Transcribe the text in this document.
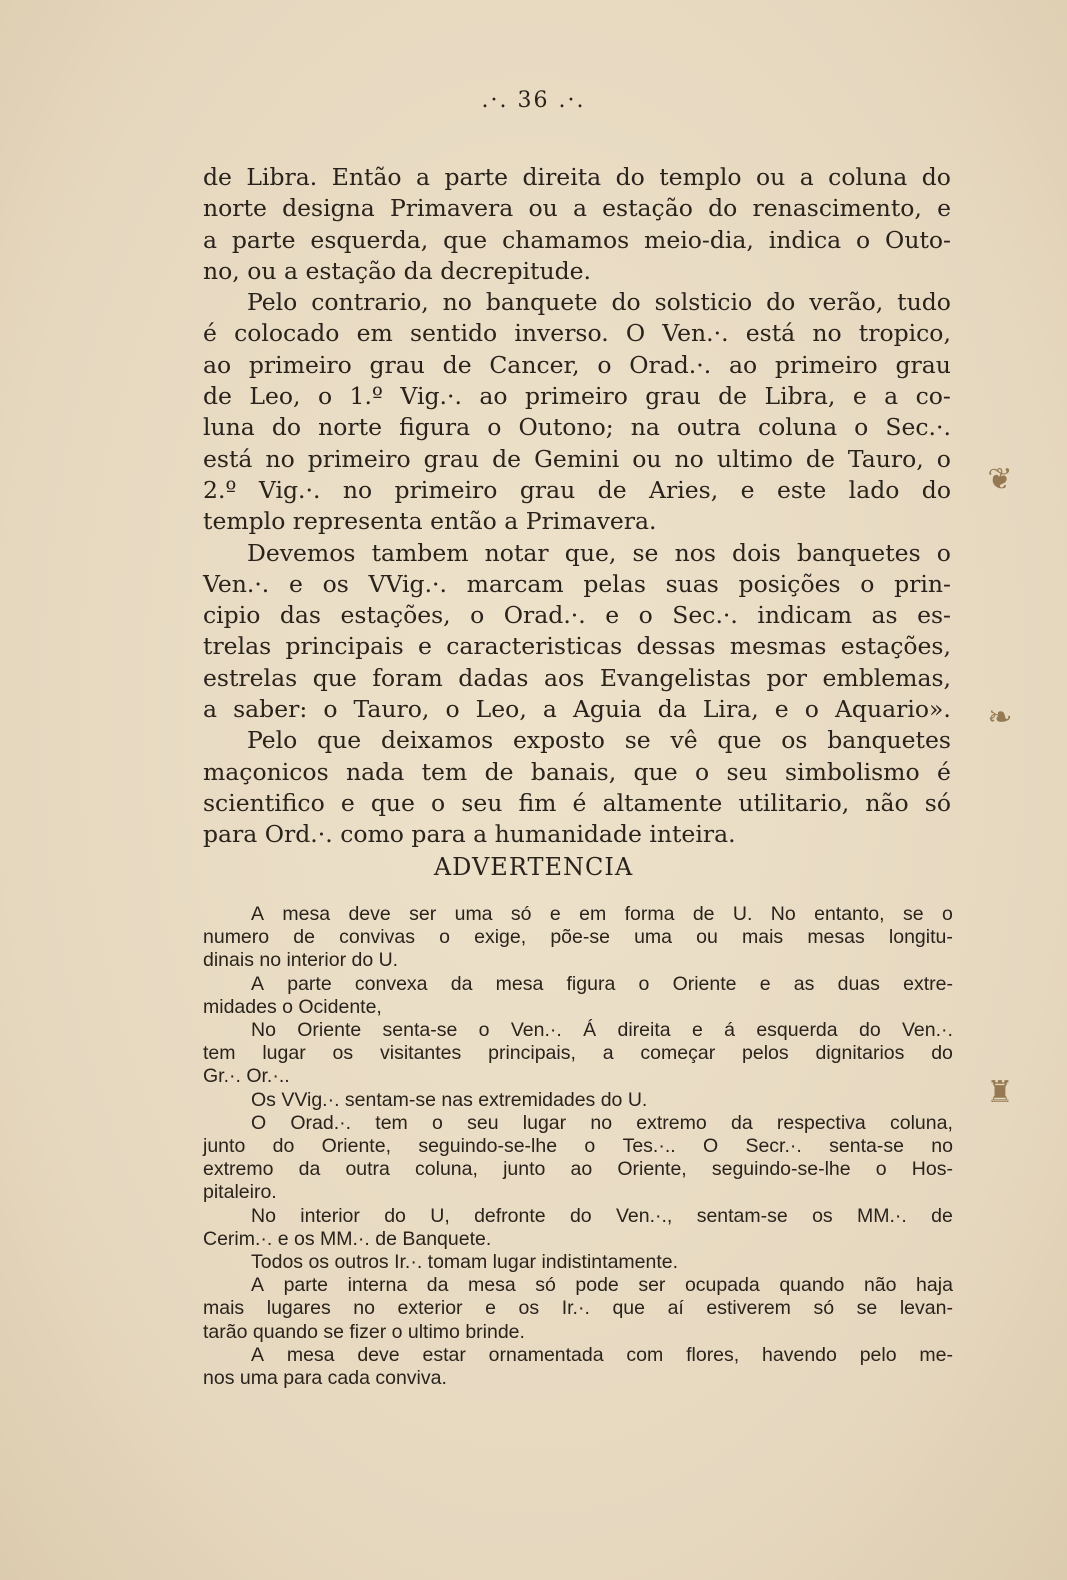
.·. 36 .·.
de Libra. Então a parte direita do templo ou a coluna do
norte designa Primavera ou a estação do renascimento, e
a parte esquerda, que chamamos meio-dia, indica o Outo-
no, ou a estação da decrepitude.
Pelo contrario, no banquete do solsticio do verão, tudo
é colocado em sentido inverso. O Ven.·. está no tropico,
ao primeiro grau de Cancer, o Orad.·. ao primeiro grau
de Leo, o 1.º Vig.·. ao primeiro grau de Libra, e a co-
luna do norte figura o Outono; na outra coluna o Sec.·.
está no primeiro grau de Gemini ou no ultimo de Tauro, o
2.º Vig.·. no primeiro grau de Aries, e este lado do
templo representa então a Primavera.
Devemos tambem notar que, se nos dois banquetes o
Ven.·. e os VVig.·. marcam pelas suas posições o prin-
cipio das estações, o Orad.·. e o Sec.·. indicam as es-
trelas principais e caracteristicas dessas mesmas estações,
estrelas que foram dadas aos Evangelistas por emblemas,
a saber: o Tauro, o Leo, a Aguia da Lira, e o Aquario».
Pelo que deixamos exposto se vê que os banquetes
maçonicos nada tem de banais, que o seu simbolismo é
scientifico e que o seu fim é altamente utilitario, não só
para Ord.·. como para a humanidade inteira.
ADVERTENCIA
A mesa deve ser uma só e em forma de U. No entanto, se o
numero de convivas o exige, põe-se uma ou mais mesas longitu-
dinais no interior do U.
A parte convexa da mesa figura o Oriente e as duas extre-
midades o Ocidente,
No Oriente senta-se o Ven.·. Á direita e á esquerda do Ven.·.
tem lugar os visitantes principais, a começar pelos dignitarios do
Gr.·. Or.·..
Os VVig.·. sentam-se nas extremidades do U.
O Orad.·. tem o seu lugar no extremo da respectiva coluna,
junto do Oriente, seguindo-se-lhe o Tes.·.. O Secr.·. senta-se no
extremo da outra coluna, junto ao Oriente, seguindo-se-lhe o Hos-
pitaleiro.
No interior do U, defronte do Ven.·., sentam-se os MM.·. de
Cerim.·. e os MM.·. de Banquete.
Todos os outros Ir.·. tomam lugar indistintamente.
A parte interna da mesa só pode ser ocupada quando não haja
mais lugares no exterior e os Ir.·. que aí estiverem só se levan-
tarão quando se fizer o ultimo brinde.
A mesa deve estar ornamentada com flores, havendo pelo me-
nos uma para cada conviva.
❦
❧
♜
